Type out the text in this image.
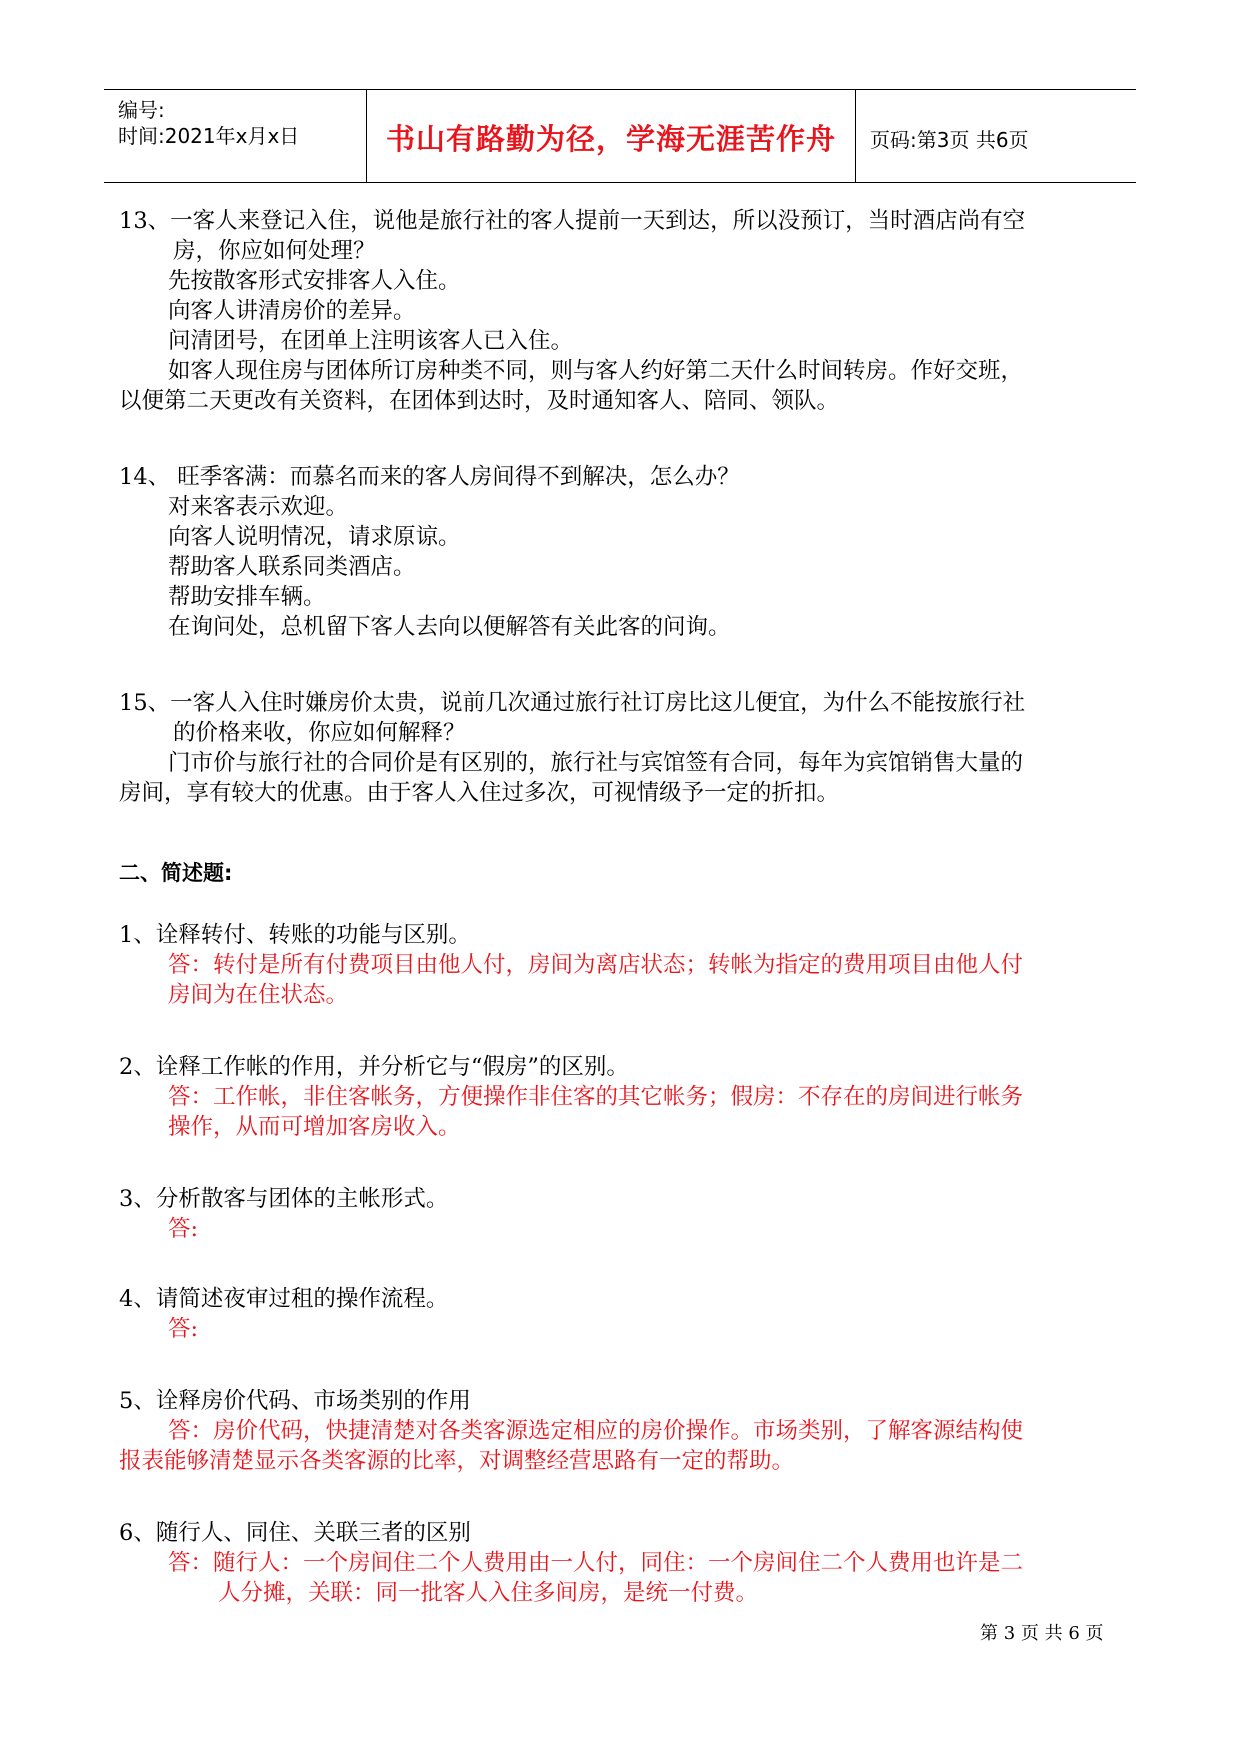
编号:
时间:2021年x月x日	书山有路勤为径，学海无涯苦作舟	页码:第3页 共6页
13、一客人来登记入住，说他是旅行社的客人提前一天到达，所以没预订，当时酒店尚有空
房，你应如何处理？
先按散客形式安排客人入住。
向客人讲清房价的差异。
问清团号，在团单上注明该客人已入住。
如客人现住房与团体所订房种类不同，则与客人约好第二天什么时间转房。作好交班，
以便第二天更改有关资料，在团体到达时，及时通知客人、陪同、领队。
14、 旺季客满：而慕名而来的客人房间得不到解决，怎么办？
对来客表示欢迎。
向客人说明情况，请求原谅。
帮助客人联系同类酒店。
帮助安排车辆。
在询问处，总机留下客人去向以便解答有关此客的问询。
15、一客人入住时嫌房价太贵，说前几次通过旅行社订房比这儿便宜，为什么不能按旅行社
的价格来收，你应如何解释？
门市价与旅行社的合同价是有区别的，旅行社与宾馆签有合同，每年为宾馆销售大量的
房间，享有较大的优惠。由于客人入住过多次，可视情级予一定的折扣。
二、简述题:
1、诠释转付、转账的功能与区别。
答：转付是所有付费项目由他人付，房间为离店状态；转帐为指定的费用项目由他人付
房间为在住状态。
2、诠释工作帐的作用，并分析它与“假房”的区别。
答：工作帐，非住客帐务，方便操作非住客的其它帐务；假房：不存在的房间进行帐务
操作，从而可增加客房收入。
3、分析散客与团体的主帐形式。
答:
4、请简述夜审过租的操作流程。
答:
5、诠释房价代码、市场类别的作用
答：房价代码，快捷清楚对各类客源选定相应的房价操作。市场类别，了解客源结构使
报表能够清楚显示各类客源的比率，对调整经营思路有一定的帮助。
6、随行人、同住、关联三者的区别
答：随行人：一个房间住二个人费用由一人付，同住：一个房间住二个人费用也许是二
人分摊，关联：同一批客人入住多间房，是统一付费。
第 3 页 共 6 页
